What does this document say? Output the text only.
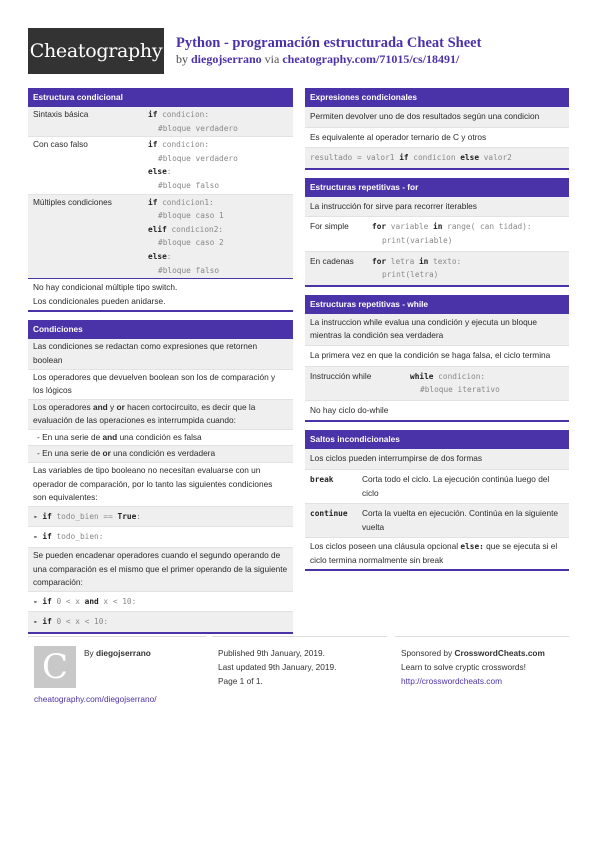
Cheatography Python - programación estructurada Cheat Sheet
by diegojserrano via cheatography.com/71015/cs/18491/
Estructura condicional
Sintaxis básica	if condicion:
#bloque verdadero
Con caso falso	if condicion:
#bloque verdadero
else:
#bloque falso
Múltiples condiciones	if condicion1:
#bloque caso 1
elif condicion2:
#bloque caso 2
else:
#bloque falso
No hay condicional múltiple tipo switch.
Los condicionales pueden anidarse.
Condiciones
Las condiciones se redactan como expresiones que retornen boolean
Los operadores que devuelven boolean son los de comparación y los lógicos
Los operadores and y or hacen cortocircuito, es decir que la evaluación de las operaciones es interrumpida cuando:
- En una serie de and una condición es falsa
- En una serie de or una condición es verdadera
Las variables de tipo booleano no necesitan evaluarse con un operador de comparación, por lo tanto las siguientes condiciones son equivalentes:
- if todo_bien == True:
- if todo_bien:
Se pueden encadenar operadores cuando el segundo operando de una comparación es el mismo que el primer operando de la siguiente comparación:
- if 0 < x and x < 10:
- if 0 < x < 10:
Expresiones condicionales
Permiten devolver uno de dos resultados según una condicion
Es equivalente al operador ternario de C y otros
resultado = valor1 if condicion else valor2
Estructuras repetitivas - for
La instrucción for sirve para recorrer iterables
For simple	for variable in range( can tidad):
print(variable)
En cadenas	for letra in texto:
print(letra)
Estructuras repetitivas - while
La instruccion while evalua una condición y ejecuta un bloque mientras la condición sea verdadera
La primera vez en que la condición se haga falsa, el ciclo termina
Instrucción while	while condicion:
#bloque iterativo
No hay ciclo do-while
Saltos incondicionales
Los ciclos pueden interrumpirse de dos formas
break	Corta todo el ciclo. La ejecución continúa luego del ciclo
continue	Corta la vuelta en ejecución. Continúa en la siguiente vuelta
Los ciclos poseen una cláusula opcional else: que se ejecuta si el ciclo termina normalmente sin break
C	By diegojserrano
cheatography.com/diegojserrano/
Published 9th January, 2019.
Last updated 9th January, 2019.
Page 1 of 1.
Sponsored by CrosswordCheats.com
Learn to solve cryptic crosswords!
http://crosswordcheats.com
